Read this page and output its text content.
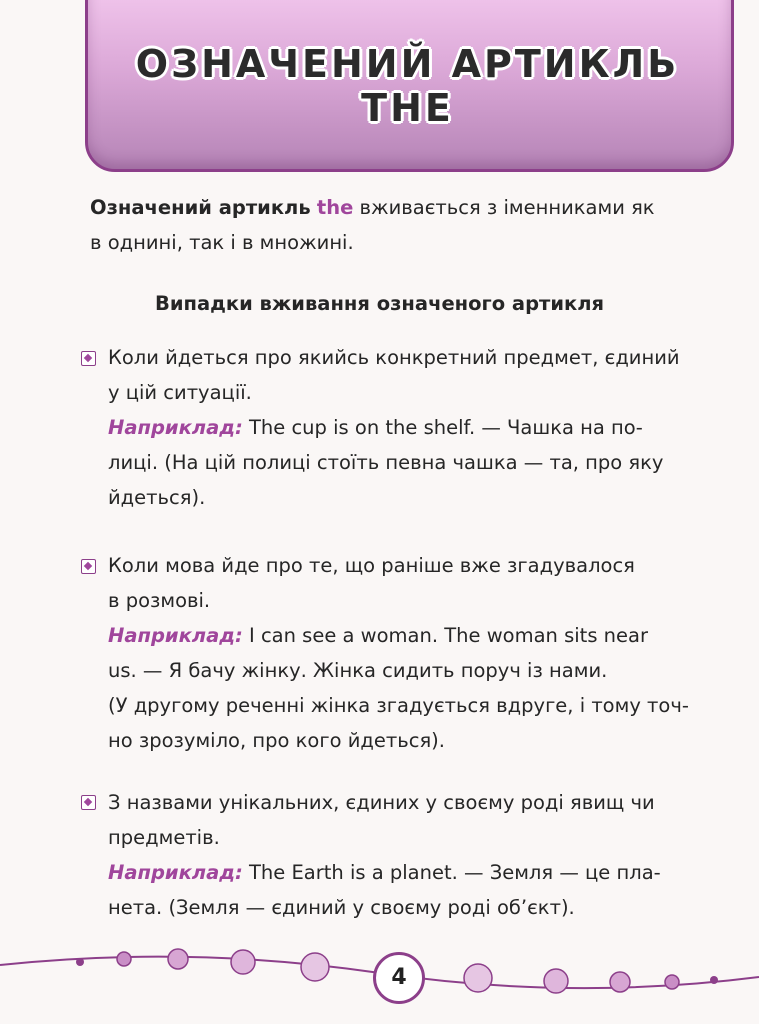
ОЗНАЧЕНИЙ АРТИКЛЬ THE
Означений артикль the вживається з іменниками як
в однині, так і в множині.
Випадки вживання означеного артикля
Коли йдеться про якийсь конкретний предмет, єдиний
у цій ситуації.
Наприклад: The cup is on the shelf. — Чашка на по-
лиці. (На цій полиці стоїть певна чашка — та, про яку
йдеться).
Коли мова йде про те, що раніше вже згадувалося
в розмові.
Наприклад: I can see a woman. The woman sits near
us. — Я бачу жінку. Жінка сидить поруч із нами.
(У другому реченні жінка згадується вдруге, і тому точ-
но зрозуміло, про кого йдеться).
З назвами унікальних, єдиних у своєму роді явищ чи
предметів.
Наприклад: The Earth is a planet. — Земля — це пла-
нета. (Земля — єдиний у своєму роді об’єкт).
4
